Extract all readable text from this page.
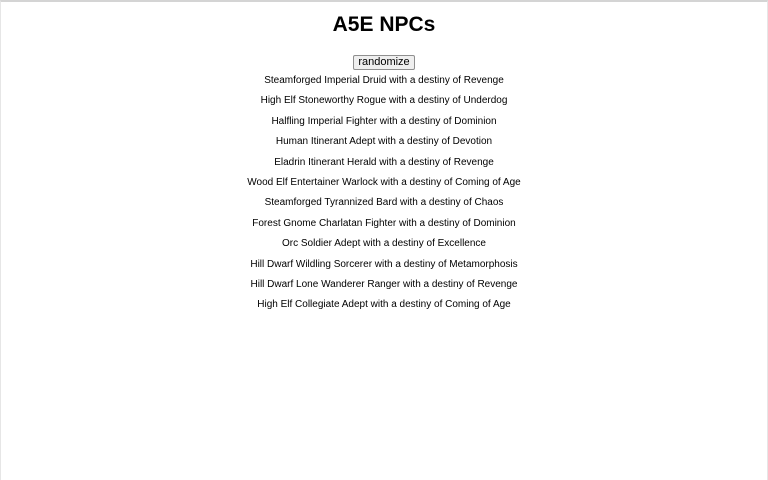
A5E NPCs
randomize
Steamforged Imperial Druid with a destiny of Revenge
High Elf Stoneworthy Rogue with a destiny of Underdog
Halfling Imperial Fighter with a destiny of Dominion
Human Itinerant Adept with a destiny of Devotion
Eladrin Itinerant Herald with a destiny of Revenge
Wood Elf Entertainer Warlock with a destiny of Coming of Age
Steamforged Tyrannized Bard with a destiny of Chaos
Forest Gnome Charlatan Fighter with a destiny of Dominion
Orc Soldier Adept with a destiny of Excellence
Hill Dwarf Wildling Sorcerer with a destiny of Metamorphosis
Hill Dwarf Lone Wanderer Ranger with a destiny of Revenge
High Elf Collegiate Adept with a destiny of Coming of Age
